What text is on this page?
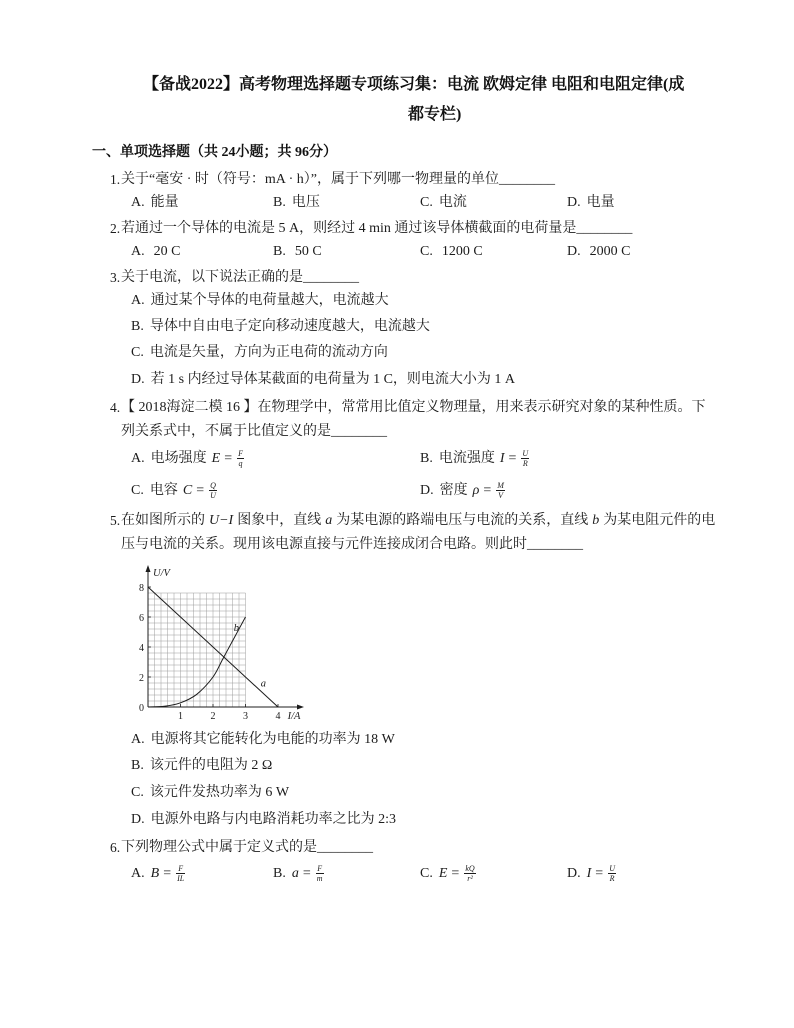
【备战2022】高考物理选择题专项练习集：电流 欧姆定律 电阻和电阻定律(成
都专栏)
一、单项选择题（共 24小题；共 96分）
1. 关于“毫安 · 时（符号：mA · h）”，属于下列哪一物理量的单位________
A. 能量	B. 电压	C. 电流	D. 电量
2. 若通过一个导体的电流是 5 A，则经过 4 min 通过该导体横截面的电荷量是________
A. 20 C	B. 50 C	C. 1200 C	D. 2000 C
3. 关于电流，以下说法正确的是________
A. 通过某个导体的电荷量越大，电流越大
B. 导体中自由电子定向移动速度越大，电流越大
C. 电流是矢量，方向为正电荷的流动方向
D. 若 1 s 内经过导体某截面的电荷量为 1 C，则电流大小为 1 A
4. 【 2018海淀二模 16 】在物理学中，常常用比值定义物理量，用来表示研究对象的某种性质。下
列关系式中，不属于比值定义的是________
A. 电场强度 $E = \frac{F}{q}$	B. 电流强度 $I = \frac{U}{R}$
C. 电容 $C = \frac{Q}{U}$	D. 密度 $\rho = \frac{M}{V}$
5. 在如图所示的 U−I 图象中，直线 a 为某电源的路端电压与电流的关系，直线 b 为某电阻元件的电
压与电流的关系。现用该电源直接与元件连接成闭合电路。则此时________
1	2	3	4
0
2
4
6
8
U/V
I/A
a
b
A. 电源将其它能转化为电能的功率为 18 W
B. 该元件的电阻为 2 Ω
C. 该元件发热功率为 6 W
D. 电源外电路与内电路消耗功率之比为 2:3
6. 下列物理公式中属于定义式的是________
A. $B = \frac{F}{IL}$	B. $a = \frac{F}{m}$	C. $E = \frac{kQ}{\text{r²}}$	D. $I = \frac{U}{R}$
